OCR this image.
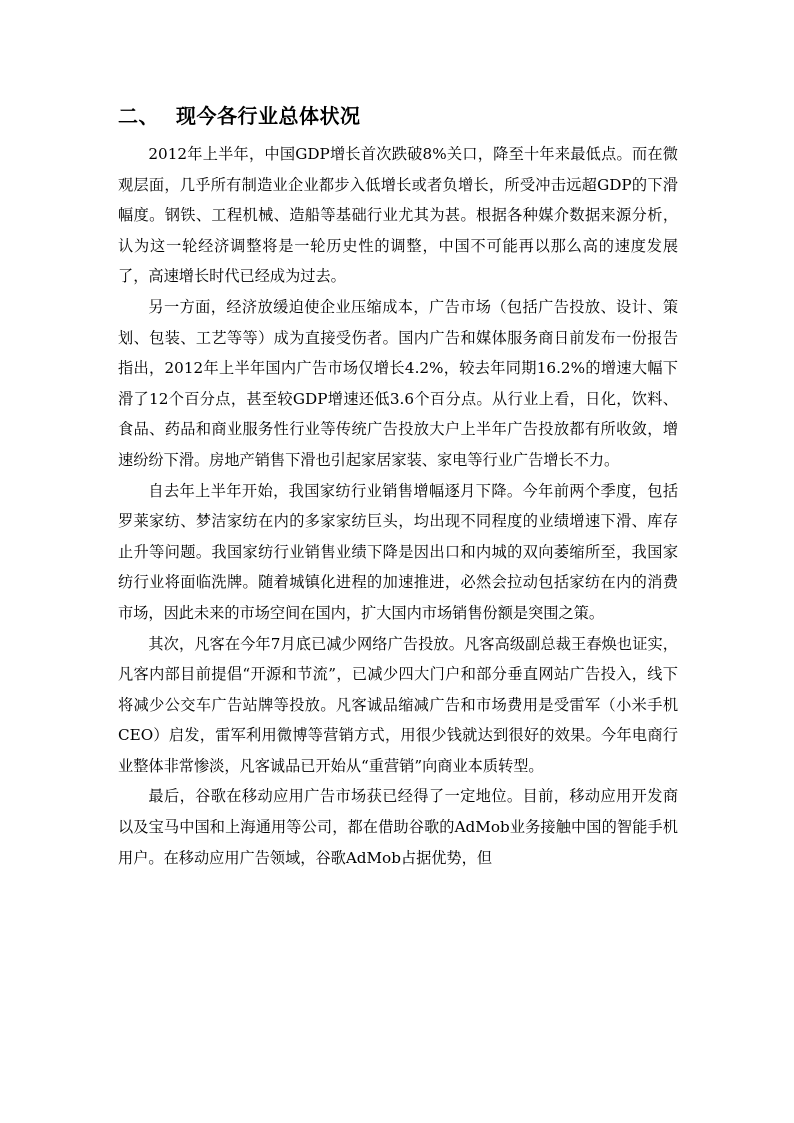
二、 现今各行业总体状况

2012年上半年，中国GDP增长首次跌破8%关口，降至十年来最低点。而在微观层面，几乎所有制造业企业都步入低增长或者负增长，所受冲击远超GDP的下滑幅度。钢铁、工程机械、造船等基础行业尤其为甚。根据各种媒介数据来源分析，认为这一轮经济调整将是一轮历史性的调整，中国不可能再以那么高的速度发展了，高速增长时代已经成为过去。

另一方面，经济放缓迫使企业压缩成本，广告市场（包括广告投放、设计、策划、包装、工艺等等）成为直接受伤者。国内广告和媒体服务商日前发布一份报告指出，2012年上半年国内广告市场仅增长4.2%，较去年同期16.2%的增速大幅下滑了12个百分点，甚至较GDP增速还低3.6个百分点。从行业上看，日化，饮料、食品、药品和商业服务性行业等传统广告投放大户上半年广告投放都有所收敛，增速纷纷下滑。房地产销售下滑也引起家居家装、家电等行业广告增长不力。

自去年上半年开始，我国家纺行业销售增幅逐月下降。今年前两个季度，包括罗莱家纺、梦洁家纺在内的多家家纺巨头，均出现不同程度的业绩增速下滑、库存止升等问题。我国家纺行业销售业绩下降是因出口和内城的双向萎缩所至，我国家纺行业将面临洗牌。随着城镇化进程的加速推进，必然会拉动包括家纺在内的消费市场，因此未来的市场空间在国内，扩大国内市场销售份额是突围之策。

其次，凡客在今年7月底已减少网络广告投放。凡客高级副总裁王春焕也证实，凡客内部目前提倡“开源和节流”，已减少四大门户和部分垂直网站广告投入，线下将减少公交车广告站牌等投放。凡客诚品缩减广告和市场费用是受雷军（小米手机CEO）启发，雷军利用微博等营销方式，用很少钱就达到很好的效果。今年电商行业整体非常惨淡，凡客诚品已开始从“重营销”向商业本质转型。

最后，谷歌在移动应用广告市场获已经得了一定地位。目前，移动应用开发商以及宝马中国和上海通用等公司，都在借助谷歌的AdMob业务接触中国的智能手机用户。在移动应用广告领域，谷歌AdMob占据优势，但
